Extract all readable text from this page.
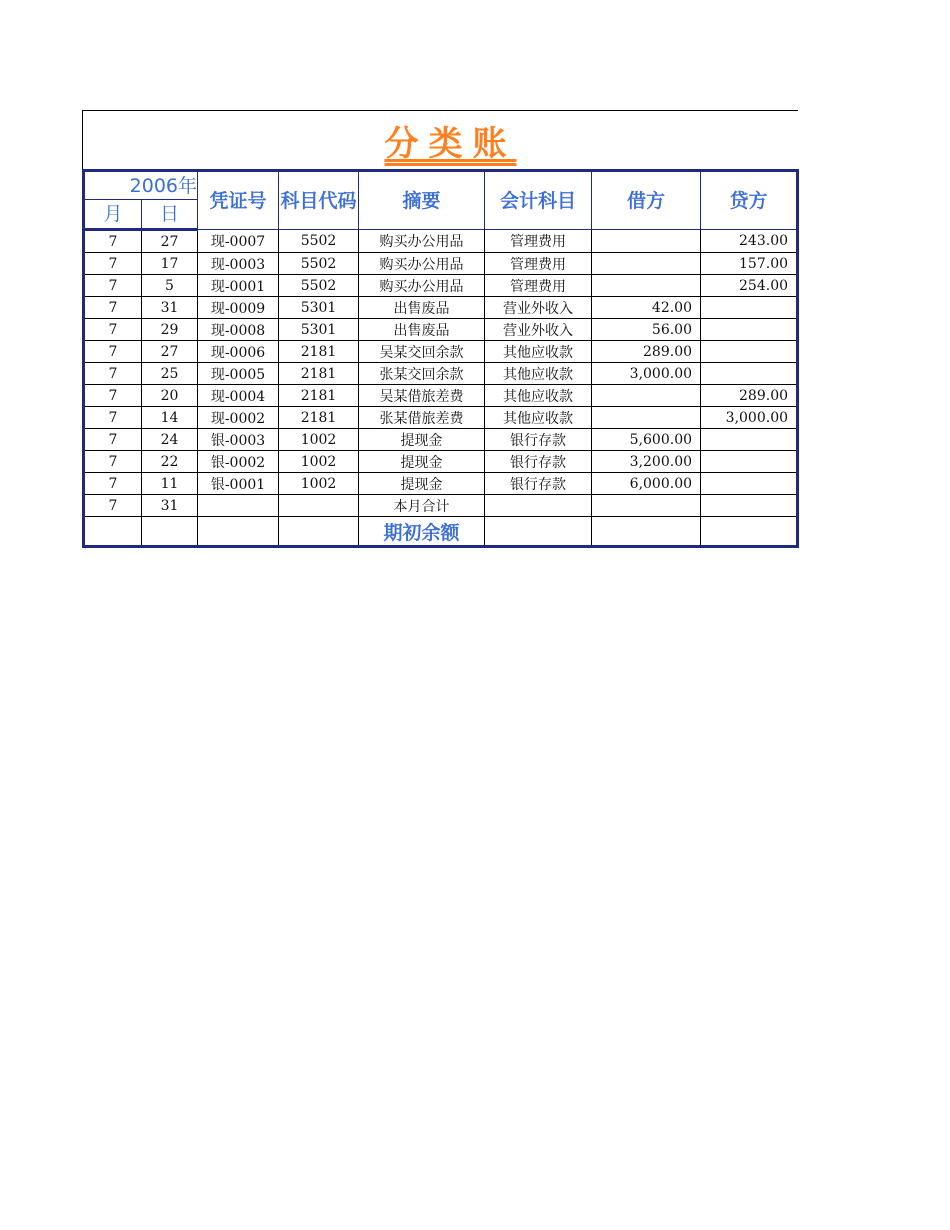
分类账
2006年		凭证号	科目代码	摘要	会计科目	借方	贷方
月	日						
7	27	现-0007	5502	购买办公用品	管理费用		243.00
7	17	现-0003	5502	购买办公用品	管理费用		157.00
7	5	现-0001	5502	购买办公用品	管理费用		254.00
7	31	现-0009	5301	出售废品	营业外收入	42.00	
7	29	现-0008	5301	出售废品	营业外收入	56.00	
7	27	现-0006	2181	吴某交回余款	其他应收款	289.00	
7	25	现-0005	2181	张某交回余款	其他应收款	3,000.00	
7	20	现-0004	2181	吴某借旅差费	其他应收款		289.00
7	14	现-0002	2181	张某借旅差费	其他应收款		3,000.00
7	24	银-0003	1002	提现金	银行存款	5,600.00	
7	22	银-0002	1002	提现金	银行存款	3,200.00	
7	11	银-0001	1002	提现金	银行存款	6,000.00	
7	31			本月合计			
				期初余额			
